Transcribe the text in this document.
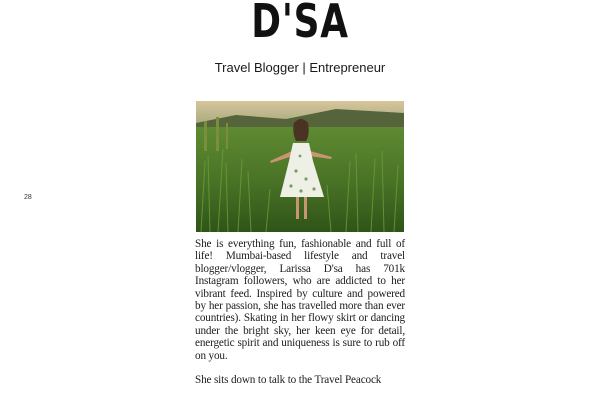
D'SA
Travel Blogger | Entrepreneur
28

She is everything fun, fashionable and full of life! Mumbai-based lifestyle and travel blogger/vlogger, Larissa D'sa has 701k Instagram followers, who are addicted to her vibrant feed. Inspired by culture and powered by her passion, she has travelled more than ever countries). Skating in her flowy skirt or dancing under the bright sky, her keen eye for detail, energetic spirit and uniqueness is sure to rub off on you.

She sits down to talk to the Travel Peacock
